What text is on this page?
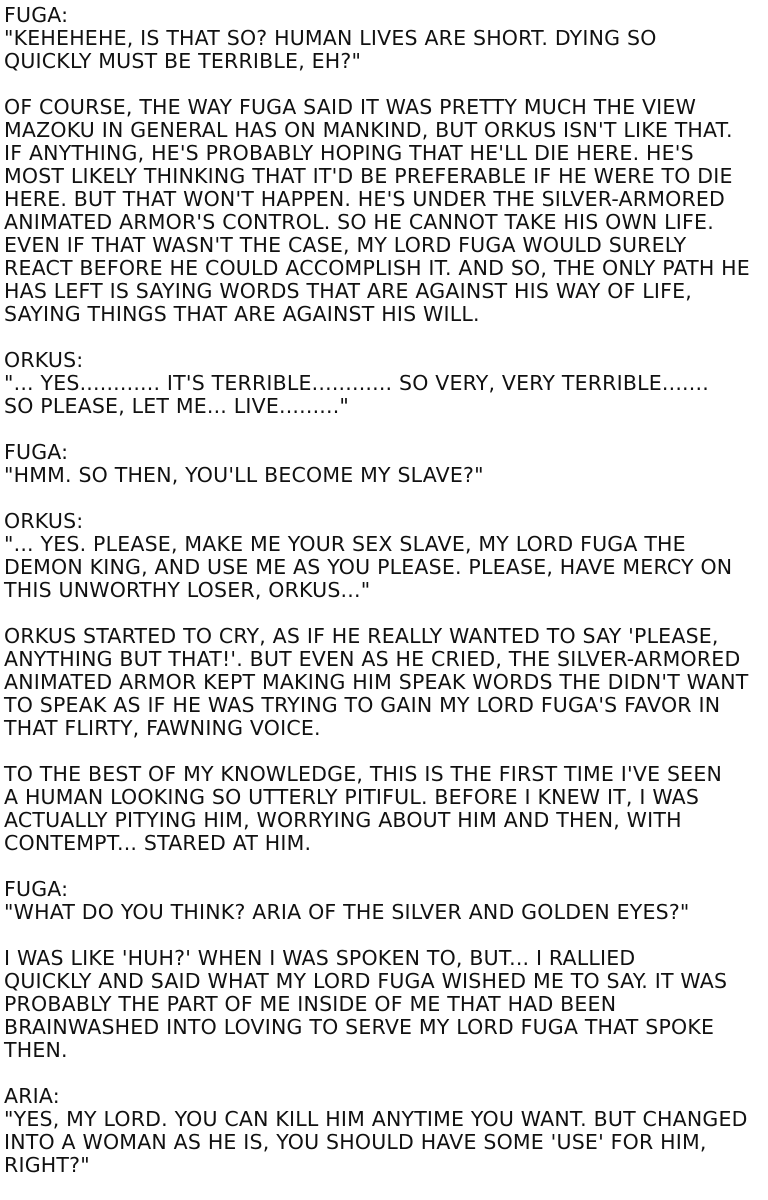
FUGA:
"KEHEHEHE, IS THAT SO? HUMAN LIVES ARE SHORT. DYING SO
QUICKLY MUST BE TERRIBLE, EH?"
OF COURSE, THE WAY FUGA SAID IT WAS PRETTY MUCH THE VIEW
MAZOKU IN GENERAL HAS ON MANKIND, BUT ORKUS ISN'T LIKE THAT.
IF ANYTHING, HE'S PROBABLY HOPING THAT HE'LL DIE HERE. HE'S
MOST LIKELY THINKING THAT IT'D BE PREFERABLE IF HE WERE TO DIE
HERE. BUT THAT WON'T HAPPEN. HE'S UNDER THE SILVER-ARMORED
ANIMATED ARMOR'S CONTROL. SO HE CANNOT TAKE HIS OWN LIFE.
EVEN IF THAT WASN'T THE CASE, MY LORD FUGA WOULD SURELY
REACT BEFORE HE COULD ACCOMPLISH IT. AND SO, THE ONLY PATH HE
HAS LEFT IS SAYING WORDS THAT ARE AGAINST HIS WAY OF LIFE,
SAYING THINGS THAT ARE AGAINST HIS WILL.
ORKUS:
"... YES............ IT'S TERRIBLE............ SO VERY, VERY TERRIBLE.......
SO PLEASE, LET ME... LIVE........."
FUGA:
"HMM. SO THEN, YOU'LL BECOME MY SLAVE?"
ORKUS:
"... YES. PLEASE, MAKE ME YOUR SEX SLAVE, MY LORD FUGA THE
DEMON KING, AND USE ME AS YOU PLEASE. PLEASE, HAVE MERCY ON
THIS UNWORTHY LOSER, ORKUS..."
ORKUS STARTED TO CRY, AS IF HE REALLY WANTED TO SAY 'PLEASE,
ANYTHING BUT THAT!'. BUT EVEN AS HE CRIED, THE SILVER-ARMORED
ANIMATED ARMOR KEPT MAKING HIM SPEAK WORDS THE DIDN'T WANT
TO SPEAK AS IF HE WAS TRYING TO GAIN MY LORD FUGA'S FAVOR IN
THAT FLIRTY, FAWNING VOICE.
TO THE BEST OF MY KNOWLEDGE, THIS IS THE FIRST TIME I'VE SEEN
A HUMAN LOOKING SO UTTERLY PITIFUL. BEFORE I KNEW IT, I WAS
ACTUALLY PITYING HIM, WORRYING ABOUT HIM AND THEN, WITH
CONTEMPT... STARED AT HIM.
FUGA:
"WHAT DO YOU THINK? ARIA OF THE SILVER AND GOLDEN EYES?"
I WAS LIKE 'HUH?' WHEN I WAS SPOKEN TO, BUT... I RALLIED
QUICKLY AND SAID WHAT MY LORD FUGA WISHED ME TO SAY. IT WAS
PROBABLY THE PART OF ME INSIDE OF ME THAT HAD BEEN
BRAINWASHED INTO LOVING TO SERVE MY LORD FUGA THAT SPOKE
THEN.
ARIA:
"YES, MY LORD. YOU CAN KILL HIM ANYTIME YOU WANT. BUT CHANGED
INTO A WOMAN AS HE IS, YOU SHOULD HAVE SOME 'USE' FOR HIM,
RIGHT?"
